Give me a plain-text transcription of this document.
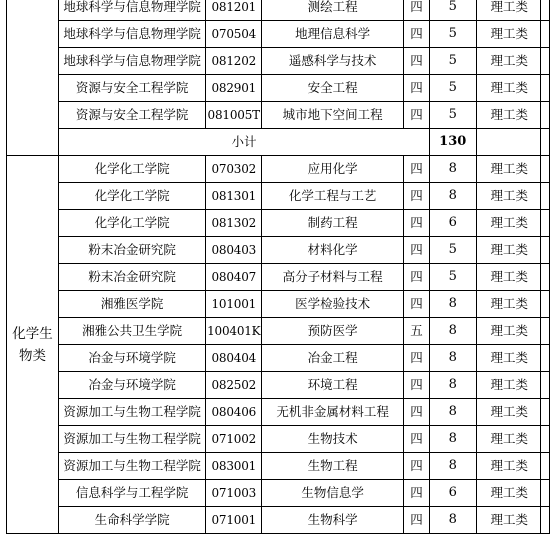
	地球科学与信息物理学院	081201	测绘工程	四	5	理工类	
	地球科学与信息物理学院	070504	地理信息科学	四	5	理工类	
	地球科学与信息物理学院	081202	遥感科学与技术	四	5	理工类	
	资源与安全工程学院	082901	安全工程	四	5	理工类	
	资源与安全工程学院	081005T	城市地下空间工程	四	5	理工类	
	小计				130		
化学生物类	化学化工学院	070302	应用化学	四	8	理工类	
	化学化工学院	081301	化学工程与工艺	四	8	理工类	
	化学化工学院	081302	制药工程	四	6	理工类	
	粉末冶金研究院	080403	材料化学	四	5	理工类	
	粉末冶金研究院	080407	高分子材料与工程	四	5	理工类	
	湘雅医学院	101001	医学检验技术	四	8	理工类	
	湘雅公共卫生学院	100401K	预防医学	五	8	理工类	
	冶金与环境学院	080404	冶金工程	四	8	理工类	
	冶金与环境学院	082502	环境工程	四	8	理工类	
	资源加工与生物工程学院	080406	无机非金属材料工程	四	8	理工类	
	资源加工与生物工程学院	071002	生物技术	四	8	理工类	
	资源加工与生物工程学院	083001	生物工程	四	8	理工类	
	信息科学与工程学院	071003	生物信息学	四	6	理工类	
	生命科学学院	071001	生物科学	四	8	理工类	
